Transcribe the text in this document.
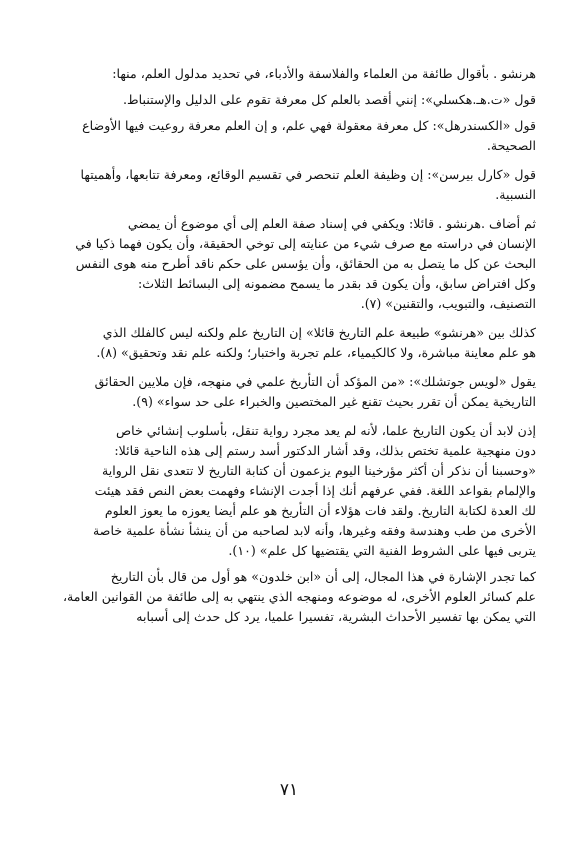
هرنشو . بأقوال طائفة من العلماء والفلاسفة والأدباء، في تحديد مدلول العلم، منها:
قول «ت.هـ.هكسلي»: إنني أقصد بالعلم كل معرفة تقوم على الدليل والإستنباط.
قول «الكسندرهل»: كل معرفة معقولة فهي علم، و إن العلم معرفة روعيت فيها الأوضاع
الصحيحة.
قول «كارل بيرسن»: إن وظيفة العلم تنحصر في تقسيم الوقائع، ومعرفة تتابعها، وأهميتها
النسبية.
ثم أضاف .هرنشو . قائلا: ويكفي في إسناد صفة العلم إلى أي موضوع أن يمضي
الإنسان في دراسته مع صرف شيء من عنايته إلى توخي الحقيقة، وأن يكون فهما ذكيا في
البحث عن كل ما يتصل به من الحقائق، وأن يؤسس على حكم ناقد أطرح منه هوى النفس
وكل افتراض سابق، وأن يكون قد بقدر ما يسمح مضمونه إلى البسائط الثلاث:
التصنيف، والتبويب، والتقنين» (٧).
كذلك بين «هرنشو» طبيعة علم التاريخ قائلا» إن التاريخ علم ولكنه ليس كالفلك الذي
هو علم معاينة مباشرة، ولا كالكيمياء، علم تجربة واختبار؛ ولكنه علم نقد وتحقيق» (٨).
يقول «لويس جوتشلك»: «من المؤكد أن التأريخ علمي في منهجه، فإن ملايين الحقائق
التاريخية يمكن أن تقرر بحيث تقنع غير المختصين والخبراء على حد سواء» (٩).
إذن لابد أن يكون التاريخ علما، لأنه لم يعد مجرد رواية تنقل، بأسلوب إنشائي خاص
دون منهجية علمية تختص بذلك، وقد أشار الدكتور أسد رستم إلى هذه الناحية قائلا:
«وحسبنا أن نذكر أن أكثر مؤرخينا اليوم يزعمون أن كتابة التاريخ لا تتعدى نقل الرواية
والإلمام بقواعد اللغة. ففي عرفهم أنك إذا أجدت الإنشاء وفهمت بعض النص فقد هيئت
لك العدة لكتابة التاريخ. ولقد فات هؤلاء أن التأريخ هو علم أيضا يعوزه ما يعوز العلوم
الأخرى من طب وهندسة وفقه وغيرها، وأنه لابد لصاحبه من أن ينشأ نشأة علمية خاصة
يتربى فيها على الشروط الفنية التي يقتضيها كل علم» (١٠).
كما تجدر الإشارة في هذا المجال، إلى أن «ابن خلدون» هو أول من قال بأن التاريخ
علم كسائر العلوم الأخرى، له موضوعه ومنهجه الذي ينتهي به إلى طائفة من القوانين العامة،
التي يمكن بها تفسير الأحداث البشرية، تفسيرا علميا، يرد كل حدث إلى أسبابه
٧١
